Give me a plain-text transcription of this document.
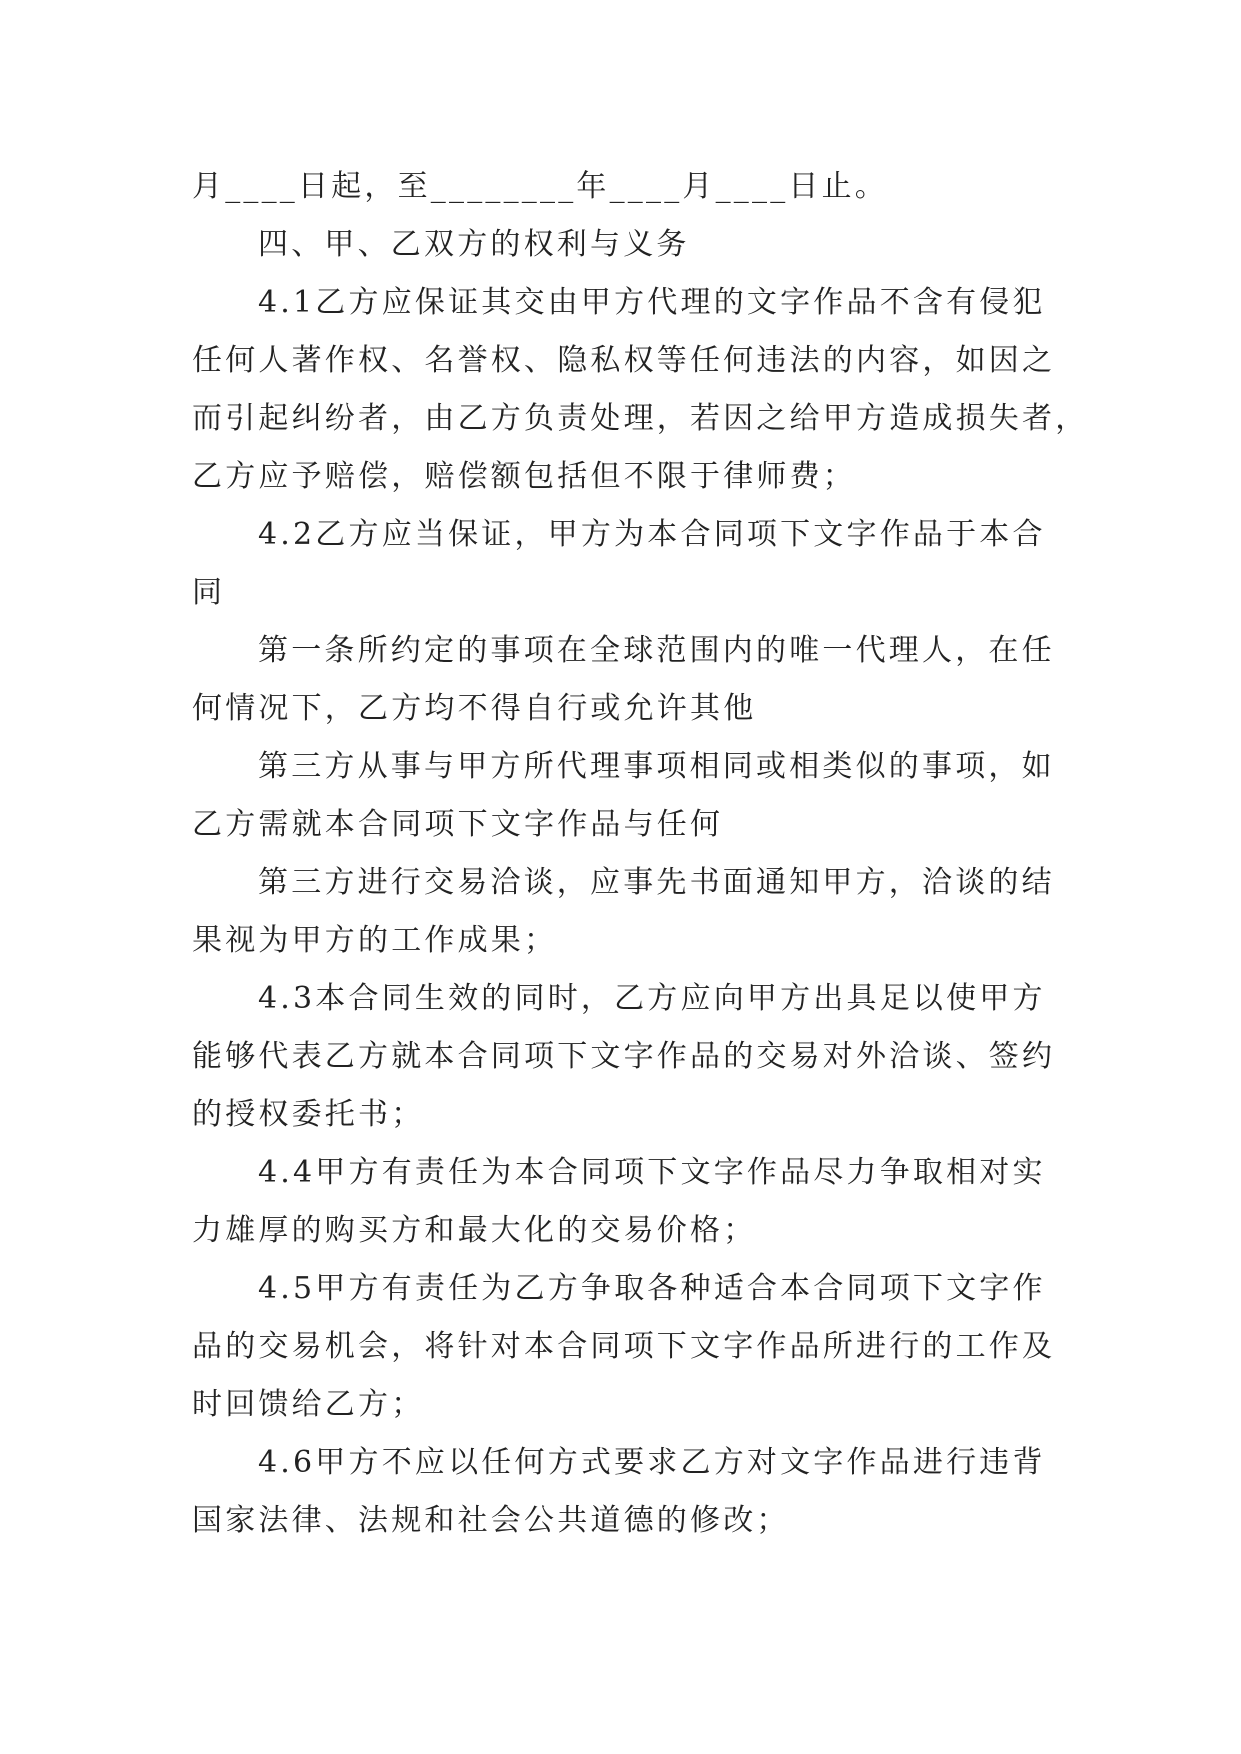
月____日起，至________年____月____日止。

四、甲、乙双方的权利与义务

4.1乙方应保证其交由甲方代理的文字作品不含有侵犯
任何人著作权、名誉权、隐私权等任何违法的内容，如因之
而引起纠纷者，由乙方负责处理，若因之给甲方造成损失者，
乙方应予赔偿，赔偿额包括但不限于律师费；

4.2乙方应当保证，甲方为本合同项下文字作品于本合
同

第一条所约定的事项在全球范围内的唯一代理人，在任
何情况下，乙方均不得自行或允许其他

第三方从事与甲方所代理事项相同或相类似的事项，如
乙方需就本合同项下文字作品与任何

第三方进行交易洽谈，应事先书面通知甲方，洽谈的结
果视为甲方的工作成果；

4.3本合同生效的同时，乙方应向甲方出具足以使甲方
能够代表乙方就本合同项下文字作品的交易对外洽谈、签约
的授权委托书；

4.4甲方有责任为本合同项下文字作品尽力争取相对实
力雄厚的购买方和最大化的交易价格；

4.5甲方有责任为乙方争取各种适合本合同项下文字作
品的交易机会，将针对本合同项下文字作品所进行的工作及
时回馈给乙方；

4.6甲方不应以任何方式要求乙方对文字作品进行违背
国家法律、法规和社会公共道德的修改；
